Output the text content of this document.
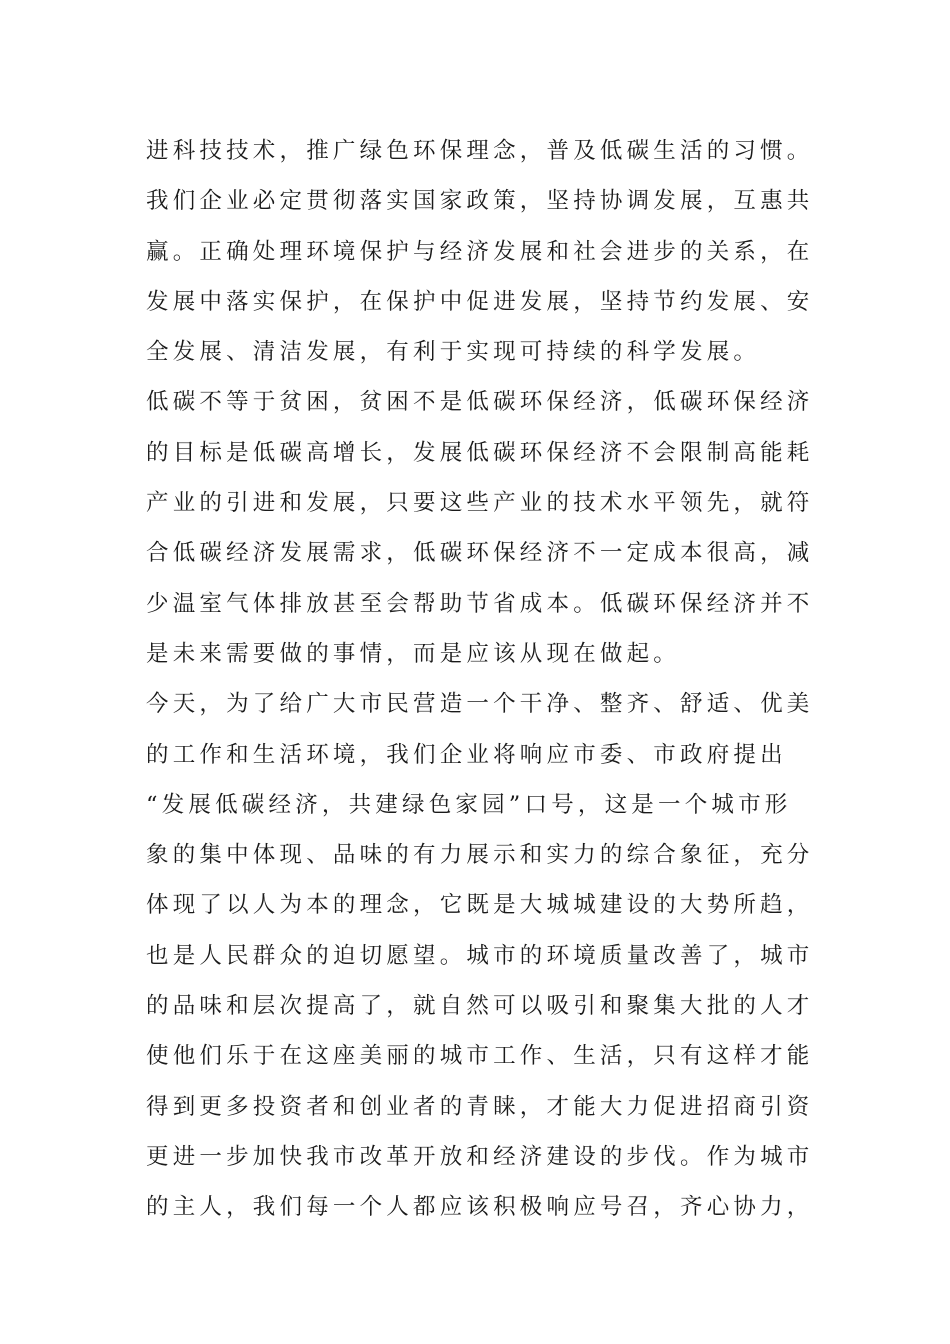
进科技技术，推广绿色环保理念，普及低碳生活的习惯。
我们企业必定贯彻落实国家政策，坚持协调发展，互惠共
赢。正确处理环境保护与经济发展和社会进步的关系，在
发展中落实保护，在保护中促进发展，坚持节约发展、安
全发展、清洁发展，有利于实现可持续的科学发展。
低碳不等于贫困，贫困不是低碳环保经济，低碳环保经济
的目标是低碳高增长，发展低碳环保经济不会限制高能耗
产业的引进和发展，只要这些产业的技术水平领先，就符
合低碳经济发展需求，低碳环保经济不一定成本很高，减
少温室气体排放甚至会帮助节省成本。低碳环保经济并不
是未来需要做的事情，而是应该从现在做起。
今天，为了给广大市民营造一个干净、整齐、舒适、优美
的工作和生活环境，我们企业将响应市委、市政府提出
“发展低碳经济，共建绿色家园”口号，这是一个城市形
象的集中体现、品味的有力展示和实力的综合象征，充分
体现了以人为本的理念，它既是大城城建设的大势所趋，
也是人民群众的迫切愿望。城市的环境质量改善了，城市
的品味和层次提高了，就自然可以吸引和聚集大批的人才
使他们乐于在这座美丽的城市工作、生活，只有这样才能
得到更多投资者和创业者的青睐，才能大力促进招商引资
更进一步加快我市改革开放和经济建设的步伐。作为城市
的主人，我们每一个人都应该积极响应号召，齐心协力，
